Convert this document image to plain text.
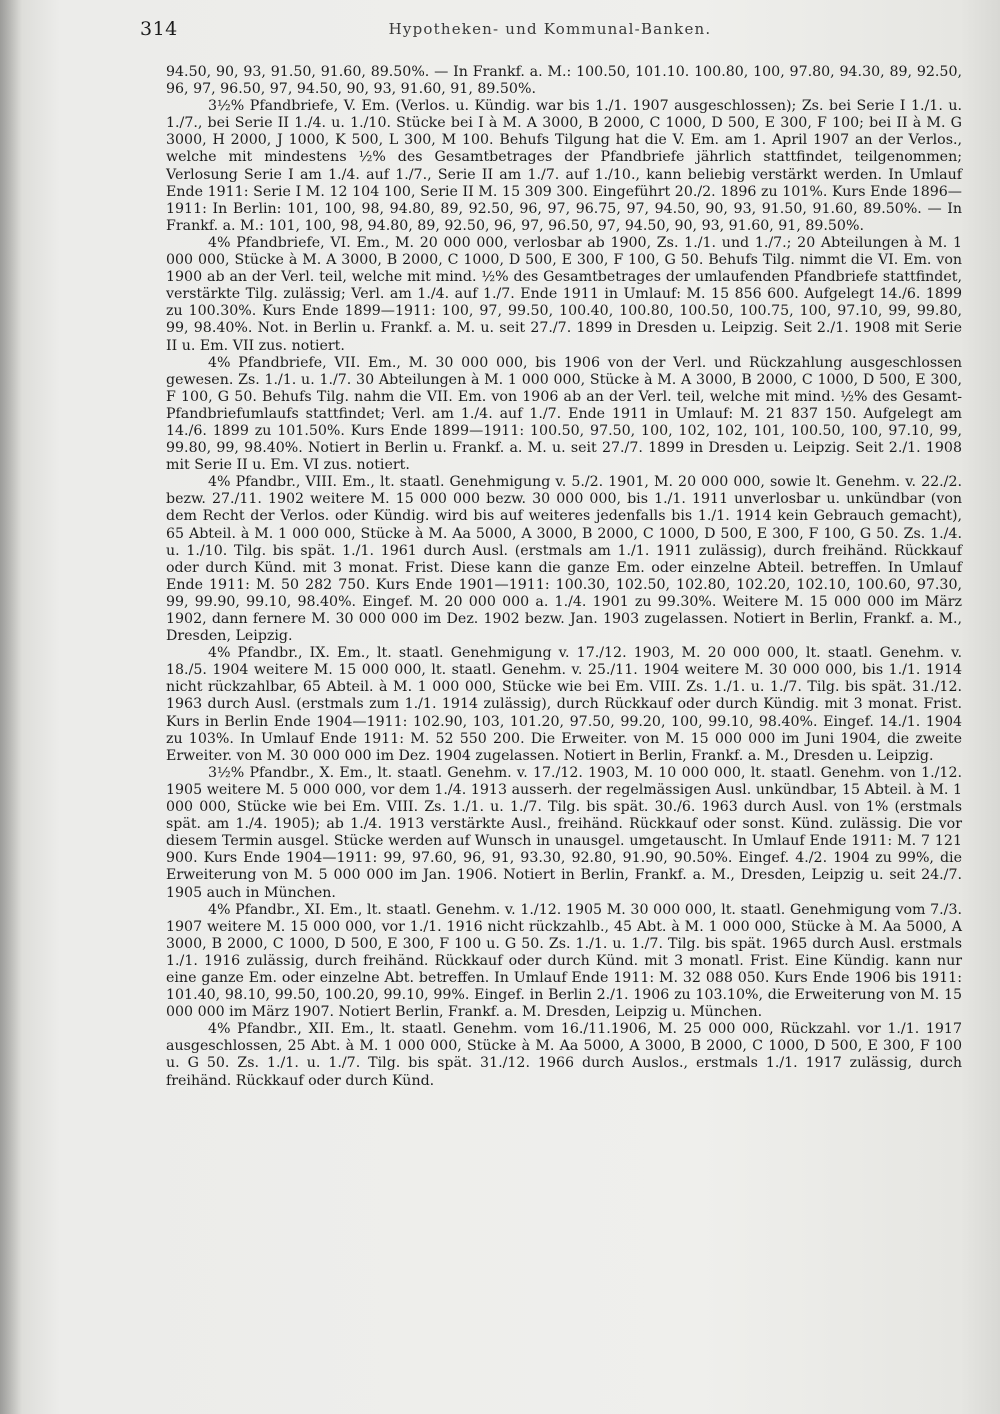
314	Hypotheken- und Kommunal-Banken.

94.50, 90, 93, 91.50, 91.60, 89.50%. — In Frankf. a. M.: 100.50, 101.10. 100.80, 100, 97.80, 94.30, 89, 92.50, 96, 97, 96.50, 97, 94.50, 90, 93, 91.60, 91, 89.50%.

3½% Pfandbriefe, V. Em. (Verlos. u. Kündig. war bis 1./1. 1907 ausgeschlossen); Zs. bei Serie I 1./1. u. 1./7., bei Serie II 1./4. u. 1./10. Stücke bei I à M. A 3000, B 2000, C 1000, D 500, E 300, F 100; bei II à M. G 3000, H 2000, J 1000, K 500, L 300, M 100. Behufs Tilgung hat die V. Em. am 1. April 1907 an der Verlos., welche mit mindestens ½% des Gesamtbetrages der Pfandbriefe jährlich stattfindet, teilgenommen; Verlosung Serie I am 1./4. auf 1./7., Serie II am 1./7. auf 1./10., kann beliebig verstärkt werden. In Umlauf Ende 1911: Serie I M. 12 104 100, Serie II M. 15 309 300. Eingeführt 20./2. 1896 zu 101%. Kurs Ende 1896—1911: In Berlin: 101, 100, 98, 94.80, 89, 92.50, 96, 97, 96.75, 97, 94.50, 90, 93, 91.50, 91.60, 89.50%. — In Frankf. a. M.: 101, 100, 98, 94.80, 89, 92.50, 96, 97, 96.50, 97, 94.50, 90, 93, 91.60, 91, 89.50%.

4% Pfandbriefe, VI. Em., M. 20 000 000, verlosbar ab 1900, Zs. 1./1. und 1./7.; 20 Abteilungen à M. 1 000 000, Stücke à M. A 3000, B 2000, C 1000, D 500, E 300, F 100, G 50. Behufs Tilg. nimmt die VI. Em. von 1900 ab an der Verl. teil, welche mit mind. ½% des Gesamtbetrages der umlaufenden Pfandbriefe stattfindet, verstärkte Tilg. zulässig; Verl. am 1./4. auf 1./7. Ende 1911 in Umlauf: M. 15 856 600. Aufgelegt 14./6. 1899 zu 100.30%. Kurs Ende 1899—1911: 100, 97, 99.50, 100.40, 100.80, 100.50, 100.75, 100, 97.10, 99, 99.80, 99, 98.40%. Not. in Berlin u. Frankf. a. M. u. seit 27./7. 1899 in Dresden u. Leipzig. Seit 2./1. 1908 mit Serie II u. Em. VII zus. notiert.

4% Pfandbriefe, VII. Em., M. 30 000 000, bis 1906 von der Verl. und Rückzahlung ausgeschlossen gewesen. Zs. 1./1. u. 1./7. 30 Abteilungen à M. 1 000 000, Stücke à M. A 3000, B 2000, C 1000, D 500, E 300, F 100, G 50. Behufs Tilg. nahm die VII. Em. von 1906 ab an der Verl. teil, welche mit mind. ½% des Gesamt-Pfandbriefumlaufs stattfindet; Verl. am 1./4. auf 1./7. Ende 1911 in Umlauf: M. 21 837 150. Aufgelegt am 14./6. 1899 zu 101.50%. Kurs Ende 1899—1911: 100.50, 97.50, 100, 102, 102, 101, 100.50, 100, 97.10, 99, 99.80, 99, 98.40%. Notiert in Berlin u. Frankf. a. M. u. seit 27./7. 1899 in Dresden u. Leipzig. Seit 2./1. 1908 mit Serie II u. Em. VI zus. notiert.

4% Pfandbr., VIII. Em., lt. staatl. Genehmigung v. 5./2. 1901, M. 20 000 000, sowie lt. Genehm. v. 22./2. bezw. 27./11. 1902 weitere M. 15 000 000 bezw. 30 000 000, bis 1./1. 1911 unverlosbar u. unkündbar (von dem Recht der Verlos. oder Kündig. wird bis auf weiteres jedenfalls bis 1./1. 1914 kein Gebrauch gemacht), 65 Abteil. à M. 1 000 000, Stücke à M. Aa 5000, A 3000, B 2000, C 1000, D 500, E 300, F 100, G 50. Zs. 1./4. u. 1./10. Tilg. bis spät. 1./1. 1961 durch Ausl. (erstmals am 1./1. 1911 zulässig), durch freihänd. Rückkauf oder durch Künd. mit 3 monat. Frist. Diese kann die ganze Em. oder einzelne Abteil. betreffen. In Umlauf Ende 1911: M. 50 282 750. Kurs Ende 1901—1911: 100.30, 102.50, 102.80, 102.20, 102.10, 100.60, 97.30, 99, 99.90, 99.10, 98.40%. Eingef. M. 20 000 000 a. 1./4. 1901 zu 99.30%. Weitere M. 15 000 000 im März 1902, dann fernere M. 30 000 000 im Dez. 1902 bezw. Jan. 1903 zugelassen. Notiert in Berlin, Frankf. a. M., Dresden, Leipzig.

4% Pfandbr., IX. Em., lt. staatl. Genehmigung v. 17./12. 1903, M. 20 000 000, lt. staatl. Genehm. v. 18./5. 1904 weitere M. 15 000 000, lt. staatl. Genehm. v. 25./11. 1904 weitere M. 30 000 000, bis 1./1. 1914 nicht rückzahlbar, 65 Abteil. à M. 1 000 000, Stücke wie bei Em. VIII. Zs. 1./1. u. 1./7. Tilg. bis spät. 31./12. 1963 durch Ausl. (erstmals zum 1./1. 1914 zulässig), durch Rückkauf oder durch Kündig. mit 3 monat. Frist. Kurs in Berlin Ende 1904—1911: 102.90, 103, 101.20, 97.50, 99.20, 100, 99.10, 98.40%. Eingef. 14./1. 1904 zu 103%. In Umlauf Ende 1911: M. 52 550 200. Die Erweiter. von M. 15 000 000 im Juni 1904, die zweite Erweiter. von M. 30 000 000 im Dez. 1904 zugelassen. Notiert in Berlin, Frankf. a. M., Dresden u. Leipzig.

3½% Pfandbr., X. Em., lt. staatl. Genehm. v. 17./12. 1903, M. 10 000 000, lt. staatl. Genehm. von 1./12. 1905 weitere M. 5 000 000, vor dem 1./4. 1913 ausserh. der regelmässigen Ausl. unkündbar, 15 Abteil. à M. 1 000 000, Stücke wie bei Em. VIII. Zs. 1./1. u. 1./7. Tilg. bis spät. 30./6. 1963 durch Ausl. von 1% (erstmals spät. am 1./4. 1905); ab 1./4. 1913 verstärkte Ausl., freihänd. Rückkauf oder sonst. Künd. zulässig. Die vor diesem Termin ausgel. Stücke werden auf Wunsch in unausgel. umgetauscht. In Umlauf Ende 1911: M. 7 121 900. Kurs Ende 1904—1911: 99, 97.60, 96, 91, 93.30, 92.80, 91.90, 90.50%. Eingef. 4./2. 1904 zu 99%, die Erweiterung von M. 5 000 000 im Jan. 1906. Notiert in Berlin, Frankf. a. M., Dresden, Leipzig u. seit 24./7. 1905 auch in München.

4% Pfandbr., XI. Em., lt. staatl. Genehm. v. 1./12. 1905 M. 30 000 000, lt. staatl. Genehmigung vom 7./3. 1907 weitere M. 15 000 000, vor 1./1. 1916 nicht rückzahlb., 45 Abt. à M. 1 000 000, Stücke à M. Aa 5000, A 3000, B 2000, C 1000, D 500, E 300, F 100 u. G 50. Zs. 1./1. u. 1./7. Tilg. bis spät. 1965 durch Ausl. erstmals 1./1. 1916 zulässig, durch freihänd. Rückkauf oder durch Künd. mit 3 monatl. Frist. Eine Kündig. kann nur eine ganze Em. oder einzelne Abt. betreffen. In Umlauf Ende 1911: M. 32 088 050. Kurs Ende 1906 bis 1911: 101.40, 98.10, 99.50, 100.20, 99.10, 99%. Eingef. in Berlin 2./1. 1906 zu 103.10%, die Erweiterung von M. 15 000 000 im März 1907. Notiert Berlin, Frankf. a. M. Dresden, Leipzig u. München.

4% Pfandbr., XII. Em., lt. staatl. Genehm. vom 16./11.1906, M. 25 000 000, Rückzahl. vor 1./1. 1917 ausgeschlossen, 25 Abt. à M. 1 000 000, Stücke à M. Aa 5000, A 3000, B 2000, C 1000, D 500, E 300, F 100 u. G 50. Zs. 1./1. u. 1./7. Tilg. bis spät. 31./12. 1966 durch Auslos., erstmals 1./1. 1917 zulässig, durch freihänd. Rückkauf oder durch Künd.
